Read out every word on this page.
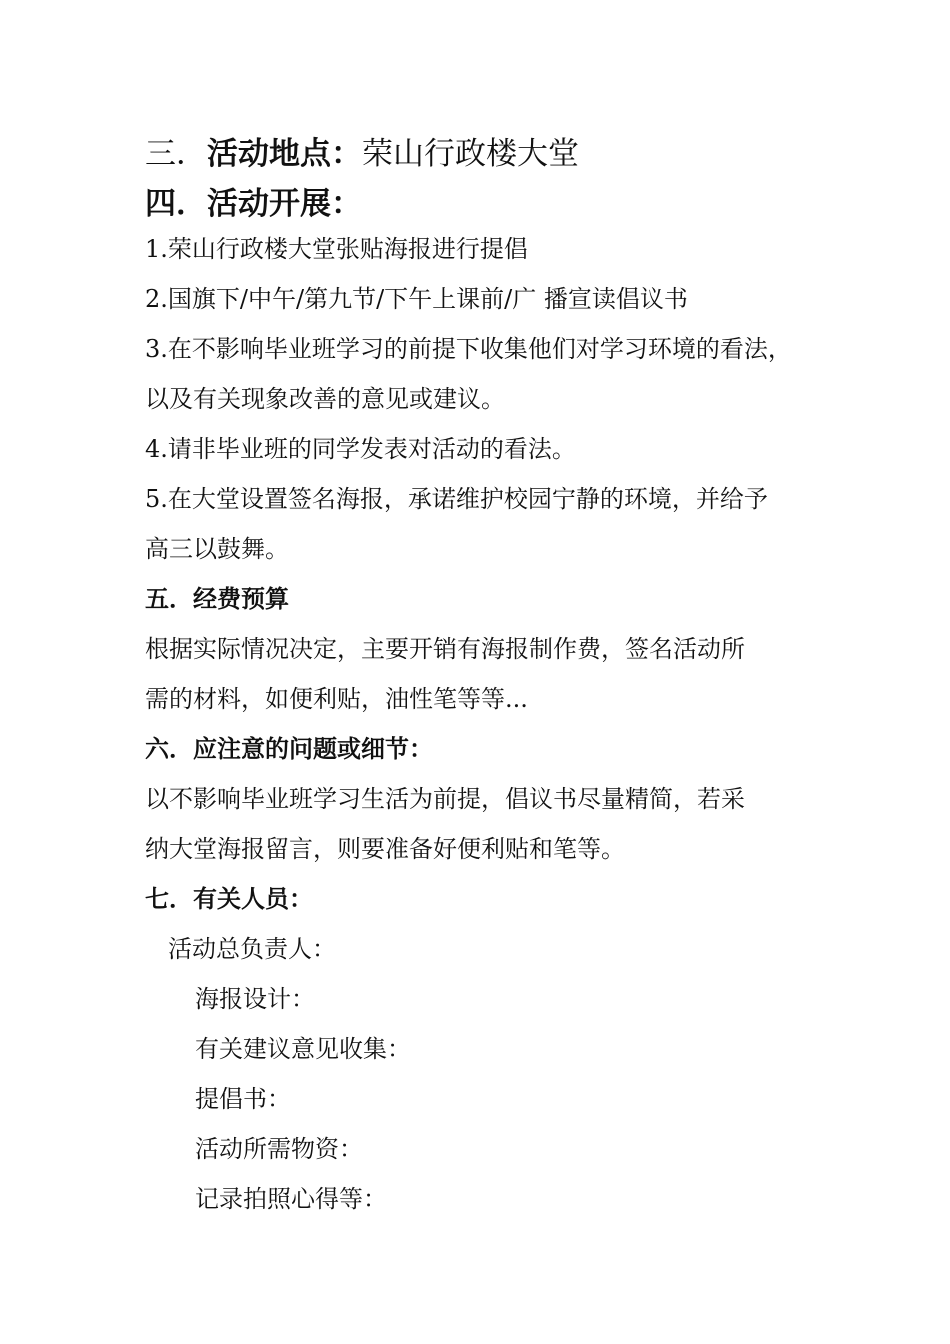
三．活动地点：荣山行政楼大堂
四．活动开展：
1.荣山行政楼大堂张贴海报进行提倡
2.国旗下/中午/第九节/下午上课前/广 播宣读倡议书
3.在不影响毕业班学习的前提下收集他们对学习环境的看法，
以及有关现象改善的意见或建议。
4.请非毕业班的同学发表对活动的看法。
5.在大堂设置签名海报，承诺维护校园宁静的环境，并给予
高三以鼓舞。
五．经费预算
根据实际情况决定，主要开销有海报制作费，签名活动所
需的材料，如便利贴，油性笔等等...
六．应注意的问题或细节：
以不影响毕业班学习生活为前提，倡议书尽量精简，若采
纳大堂海报留言，则要准备好便利贴和笔等。
七．有关人员：
活动总负责人：
海报设计：
有关建议意见收集：
提倡书：
活动所需物资：
记录拍照心得等：
